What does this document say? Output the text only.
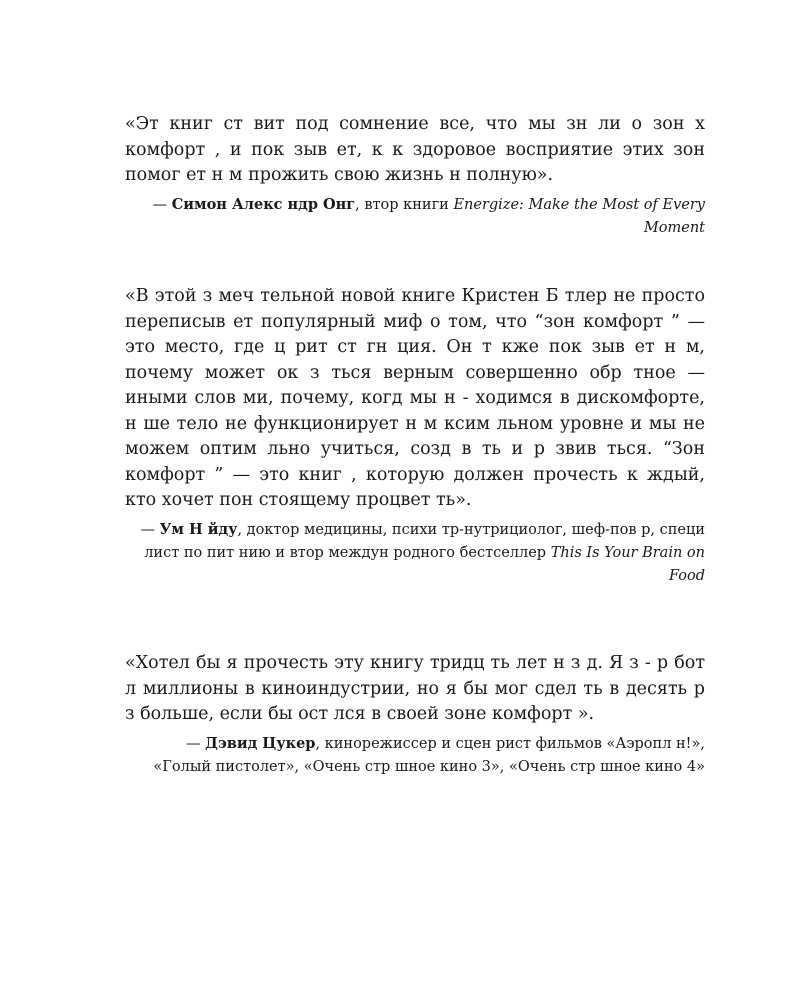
«Эт книг ст вит под сомнение все, что мы зн ли о зон х комфорт , и пок зыв ет, к к здоровое восприятие этих зон помог ет н м прожить свою жизнь н полную».

— Симон Алекс ндр Онг, втор книги Energize: Make the Most of Every Moment

«В этой з меч тельной новой книге Кристен Б тлер не просто переписыв ет популярный миф о том, что “зон комфорт ” — это место, где ц рит ст гн ция. Он т кже пок зыв ет н м, почему может ок з ться верным совершенно обр тное — иными слов ми, почему, когд мы н - ходимся в дискомфорте, н ше тело не функционирует н м ксим льном уровне и мы не можем оптим льно учиться, созд в ть и р звив ться. “Зон комфорт ” — это книг , которую должен прочесть к ждый, кто хочет пон стоящему процвет ть».

— Ум Н йду, доктор медицины, психи тр-нутрициолог, шеф-пов р, специ лист по пит нию и втор междун родного бестселлер This Is Your Brain on Food

«Хотел бы я прочесть эту книгу тридц ть лет н з д. Я з - р бот л миллионы в киноиндустрии, но я бы мог сдел ть в десять р з больше, если бы ост лся в своей зоне комфорт ».

— Дэвид Цукер, кинорежиссер и сцен рист фильмов «Аэропл н!», «Голый пистолет», «Очень стр шное кино 3», «Очень стр шное кино 4»
